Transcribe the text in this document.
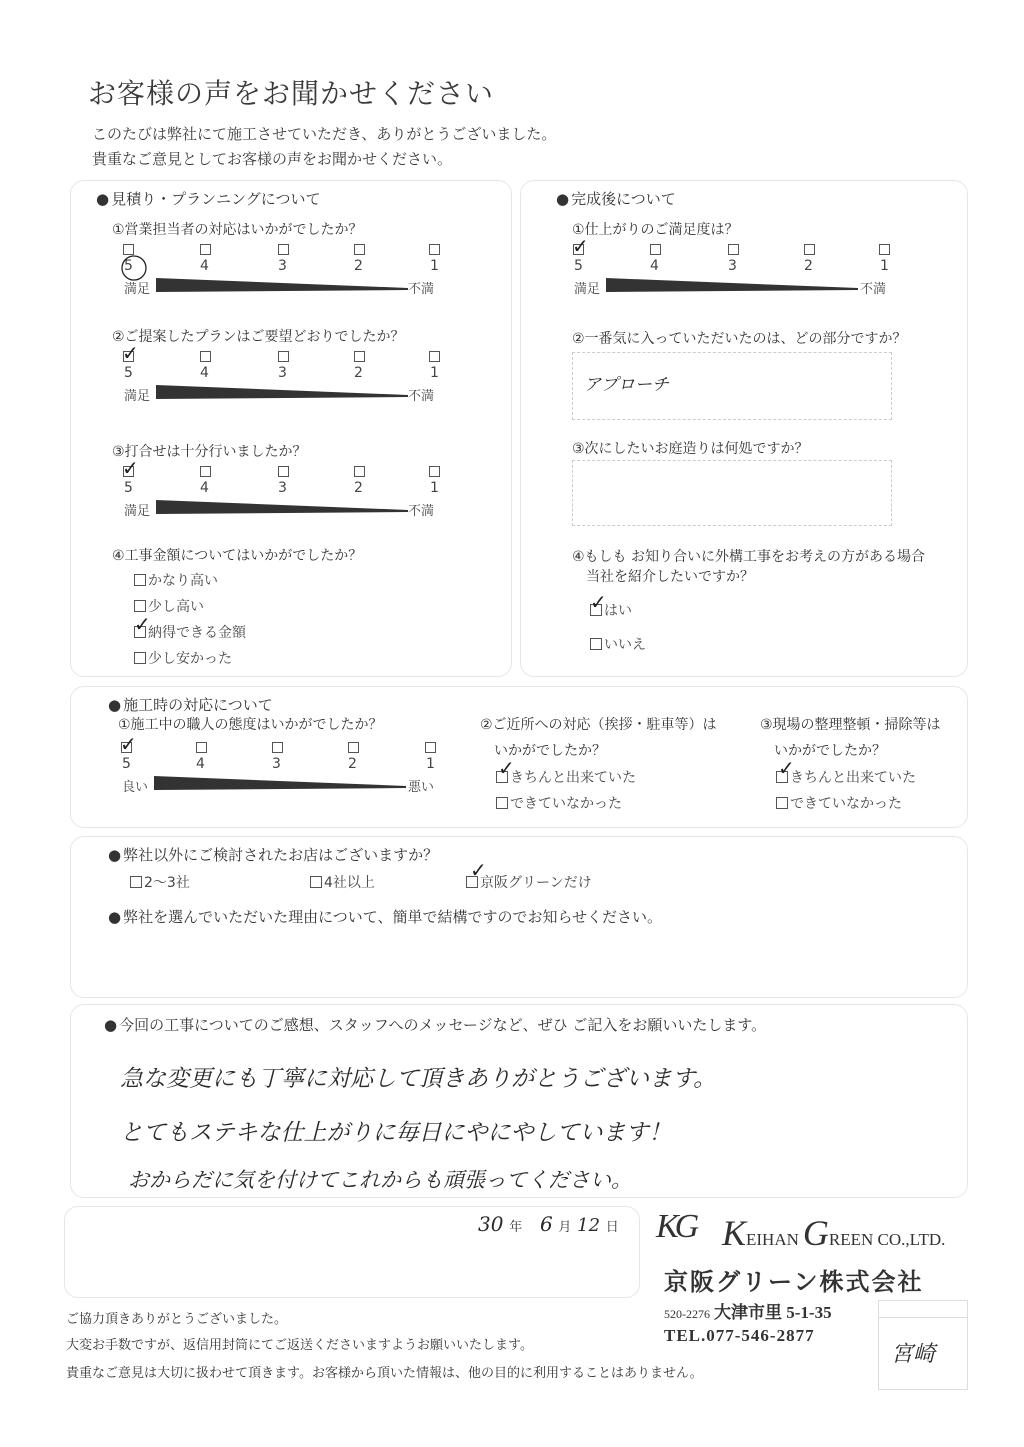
お客様の声をお聞かせください
このたびは弊社にて施工させていただき、ありがとうございました。
貴重なご意見としてお客様の声をお聞かせください。
● 見積り・プランニングについて
①営業担当者の対応はいかがでしたか？
5	4	3	2	1
満足	不満
②ご提案したプランはご要望どおりでしたか？
✓
5	4	3	2	1
満足	不満
③打合せは十分行いましたか？
✓
5	4	3	2	1
満足	不満
④工事金額についてはいかがでしたか？
かなり高い
少し高い
納得できる金額
✓
少し安かった
● 完成後について
①仕上がりのご満足度は？
✓
5	4	3	2	1
満足	不満
②一番気に入っていただいたのは、どの部分ですか？
アプローチ
③次にしたいお庭造りは何処ですか？
④もしも お知り合いに外構工事をお考えの方がある場合
当社を紹介したいですか？
はい
✓
いいえ
● 施工時の対応について
①施工中の職人の態度はいかがでしたか？
✓
5	4	3	2	1
良い	悪い
②ご近所への対応（挨拶・駐車等）は
いかがでしたか？
きちんと出来ていた
✓
できていなかった
③現場の整理整頓・掃除等は
いかがでしたか？
きちんと出来ていた
✓
できていなかった
● 弊社以外にご検討されたお店はございますか？
2～3社	4社以上	京阪グリーンだけ
✓
● 弊社を選んでいただいた理由について、簡単で結構ですのでお知らせください。
● 今回の工事についてのご感想、スタッフへのメッセージなど、ぜひ ご記入をお願いいたします。
急な変更にも丁寧に対応して頂きありがとうございます。
とてもステキな仕上がりに毎日にやにやしています！
おからだに気を付けてこれからも頑張ってください。
30 年 6 月 12 日 KG KEIHAN GREEN CO.,LTD.
京阪グリーン株式会社
520-2276 大津市里 5-1-35
TEL.077-546-2877
宮崎
ご協力頂きありがとうございました。
大変お手数ですが、返信用封筒にてご返送くださいますようお願いいたします。
貴重なご意見は大切に扱わせて頂きます。お客様から頂いた情報は、他の目的に利用することはありません。
